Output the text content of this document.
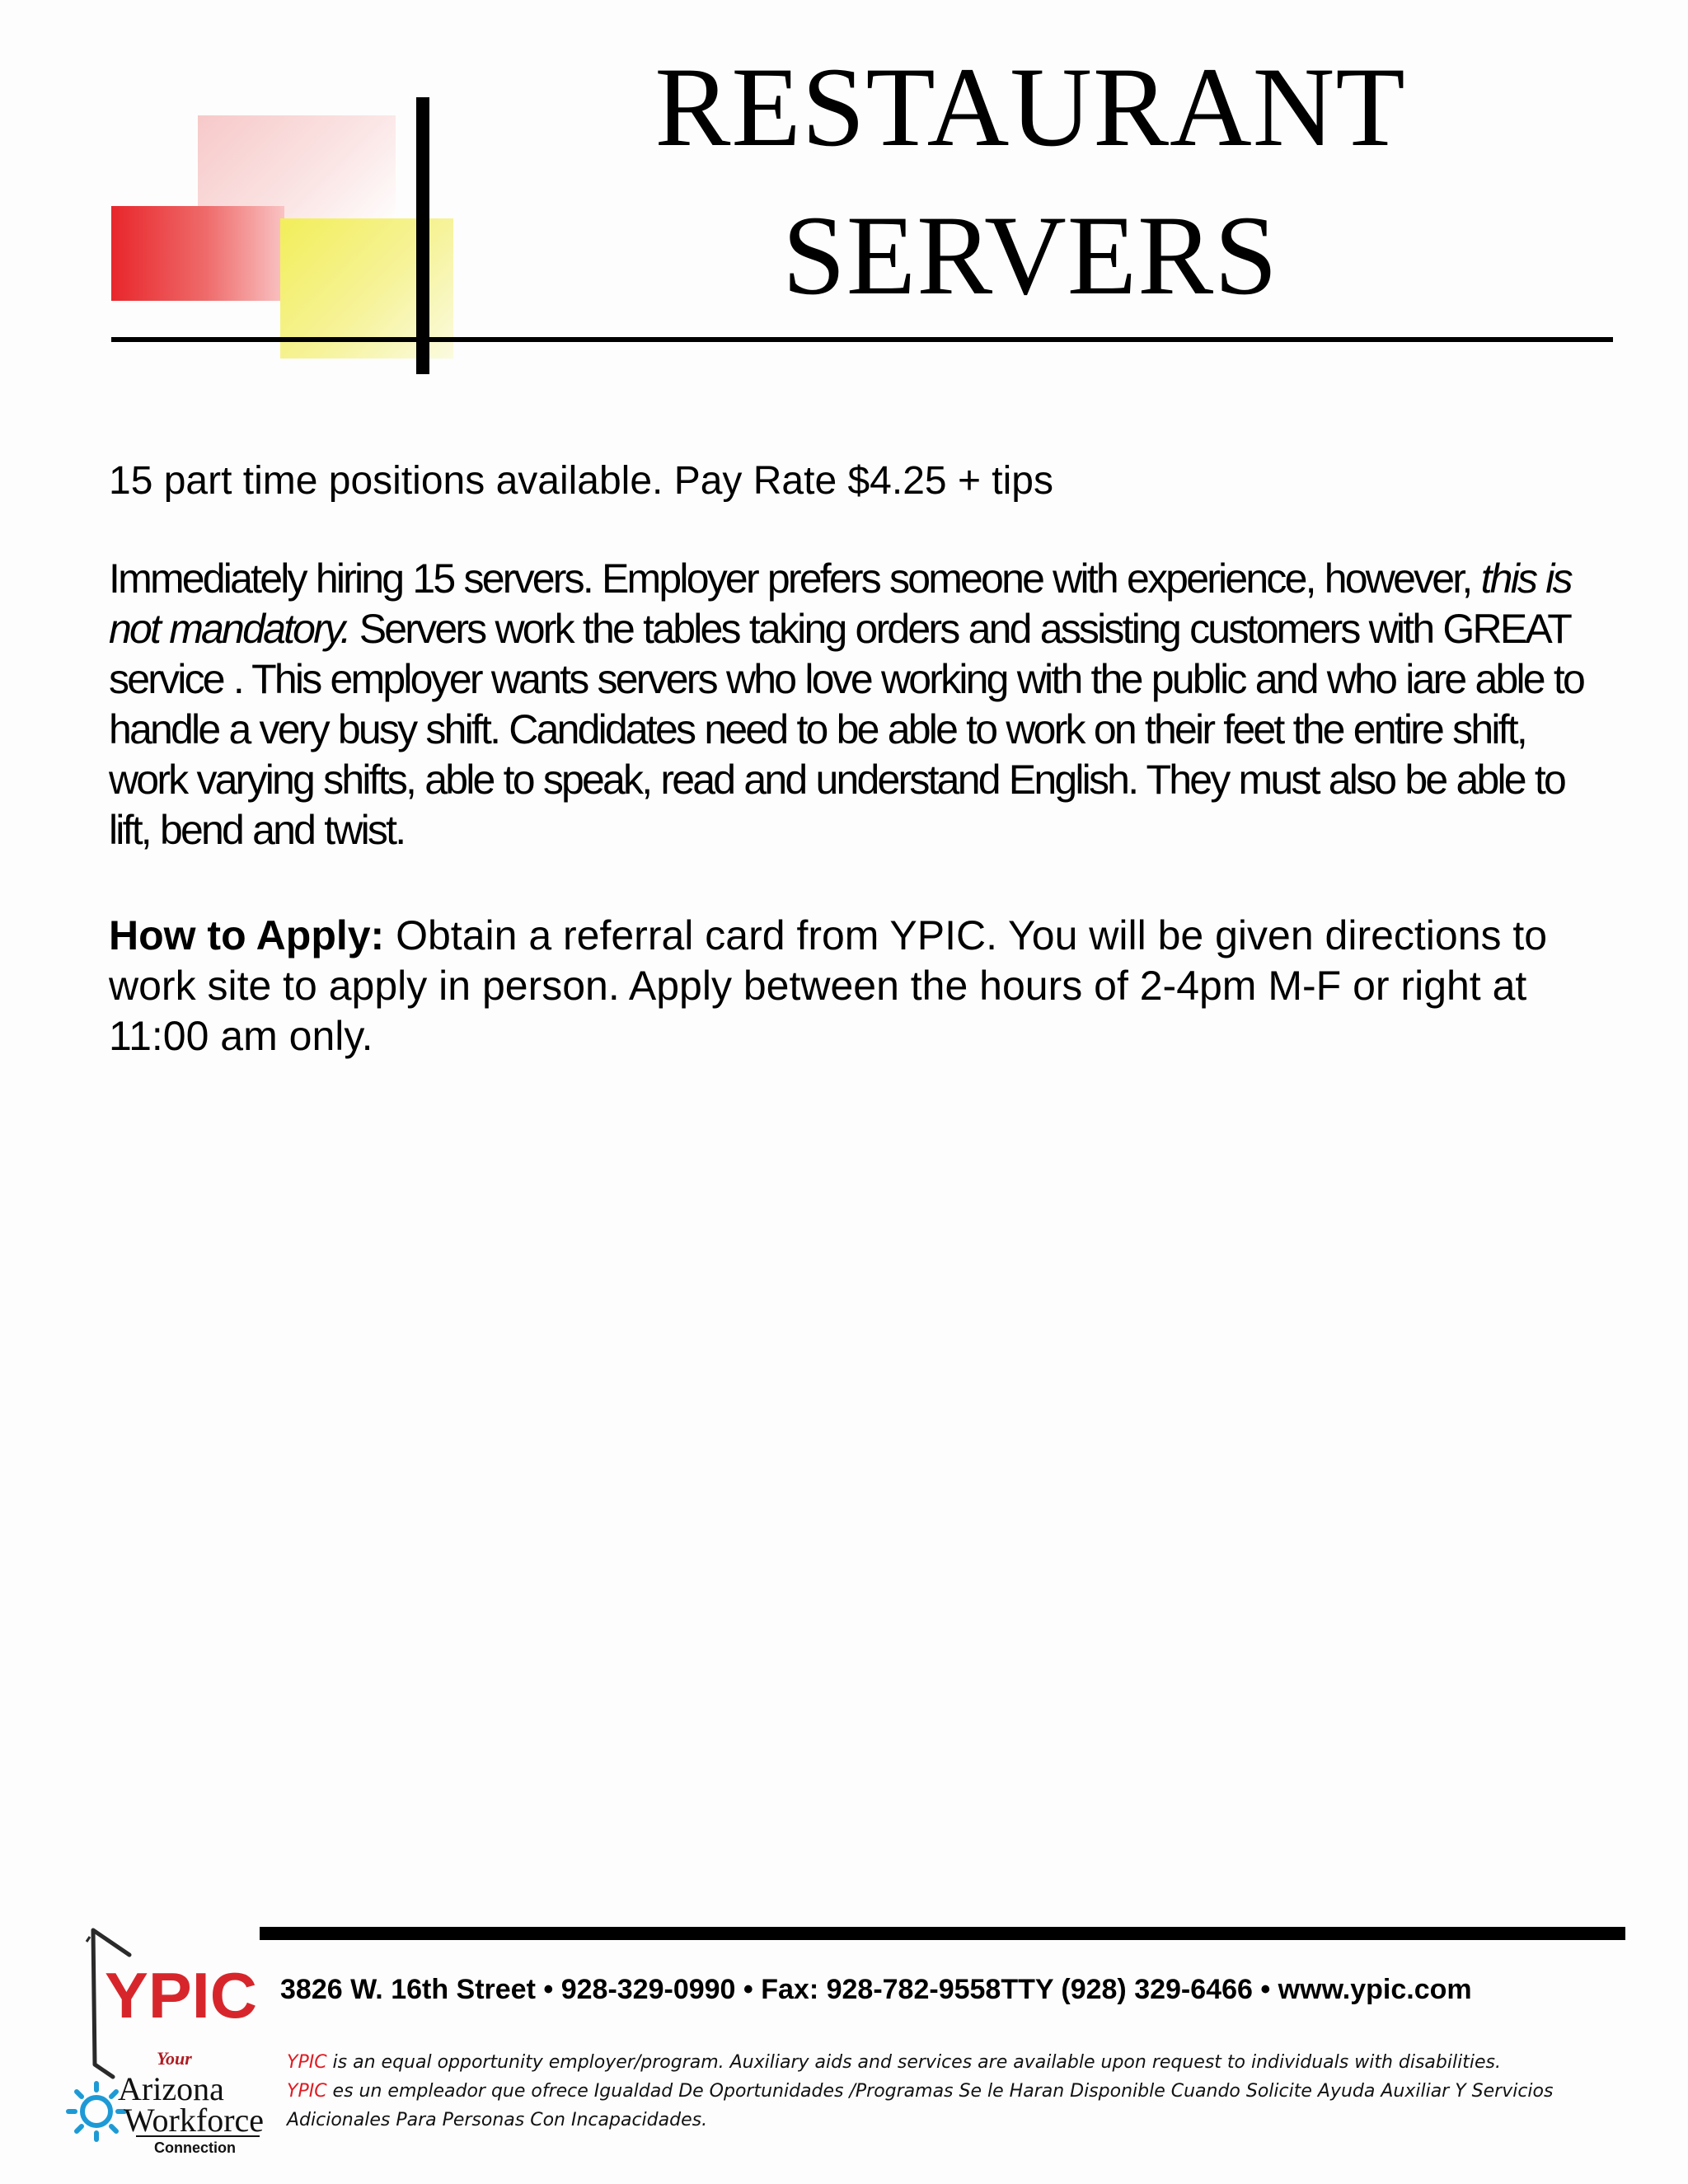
RESTAURANT
SERVERS
15 part time positions available. Pay Rate $4.25 + tips
Immediately hiring 15 servers. Employer prefers someone with experience, however, this is not mandatory. Servers work the tables taking orders and assisting customers with GREAT service . This employer wants servers who love working with the public and who iare able to handle a very busy shift. Candidates need to be able to work on their feet the entire shift, work varying shifts, able to speak, read and understand English. They must also be able to lift, bend and twist.
How to Apply: Obtain a referral card from YPIC. You will be given directions to work site to apply in person. Apply between the hours of 2-4pm M-F or right at 11:00 am only.
YPIC
Your
Arizona
Workforce
Connection
3826 W. 16th Street • 928-329-0990 • Fax: 928-782-9558TTY (928) 329-6466 • www.ypic.com
YPIC is an equal opportunity employer/program. Auxiliary aids and services are available upon request to individuals with disabilities.
YPIC es un empleador que ofrece Igualdad De Oportunidades /Programas Se le Haran Disponible Cuando Solicite Ayuda Auxiliar Y Servicios Adicionales Para Personas Con Incapacidades.
